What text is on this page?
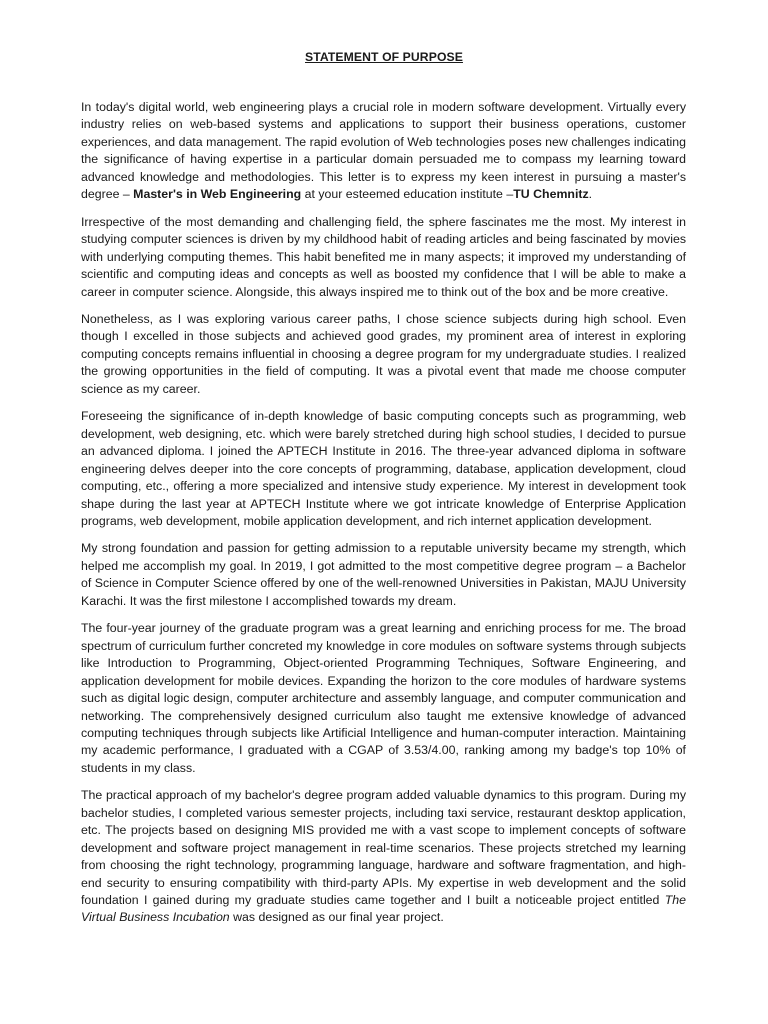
STATEMENT OF PURPOSE

In today's digital world, web engineering plays a crucial role in modern software development. Virtually every industry relies on web-based systems and applications to support their business operations, customer experiences, and data management. The rapid evolution of Web technologies poses new challenges indicating the significance of having expertise in a particular domain persuaded me to compass my learning toward advanced knowledge and methodologies. This letter is to express my keen interest in pursuing a master's degree – Master's in Web Engineering at your esteemed education institute –TU Chemnitz.

Irrespective of the most demanding and challenging field, the sphere fascinates me the most. My interest in studying computer sciences is driven by my childhood habit of reading articles and being fascinated by movies with underlying computing themes. This habit benefited me in many aspects; it improved my understanding of scientific and computing ideas and concepts as well as boosted my confidence that I will be able to make a career in computer science. Alongside, this always inspired me to think out of the box and be more creative.

Nonetheless, as I was exploring various career paths, I chose science subjects during high school. Even though I excelled in those subjects and achieved good grades, my prominent area of interest in exploring computing concepts remains influential in choosing a degree program for my undergraduate studies. I realized the growing opportunities in the field of computing. It was a pivotal event that made me choose computer science as my career.

Foreseeing the significance of in-depth knowledge of basic computing concepts such as programming, web development, web designing, etc. which were barely stretched during high school studies, I decided to pursue an advanced diploma. I joined the APTECH Institute in 2016. The three-year advanced diploma in software engineering delves deeper into the core concepts of programming, database, application development, cloud computing, etc., offering a more specialized and intensive study experience. My interest in development took shape during the last year at APTECH Institute where we got intricate knowledge of Enterprise Application programs, web development, mobile application development, and rich internet application development.

My strong foundation and passion for getting admission to a reputable university became my strength, which helped me accomplish my goal. In 2019, I got admitted to the most competitive degree program – a Bachelor of Science in Computer Science offered by one of the well-renowned Universities in Pakistan, MAJU University Karachi. It was the first milestone I accomplished towards my dream.

The four-year journey of the graduate program was a great learning and enriching process for me. The broad spectrum of curriculum further concreted my knowledge in core modules on software systems through subjects like Introduction to Programming, Object-oriented Programming Techniques, Software Engineering, and application development for mobile devices. Expanding the horizon to the core modules of hardware systems such as digital logic design, computer architecture and assembly language, and computer communication and networking. The comprehensively designed curriculum also taught me extensive knowledge of advanced computing techniques through subjects like Artificial Intelligence and human-computer interaction. Maintaining my academic performance, I graduated with a CGAP of 3.53/4.00, ranking among my badge's top 10% of students in my class.

The practical approach of my bachelor's degree program added valuable dynamics to this program. During my bachelor studies, I completed various semester projects, including taxi service, restaurant desktop application, etc. The projects based on designing MIS provided me with a vast scope to implement concepts of software development and software project management in real-time scenarios. These projects stretched my learning from choosing the right technology, programming language, hardware and software fragmentation, and high-end security to ensuring compatibility with third-party APIs. My expertise in web development and the solid foundation I gained during my graduate studies came together and I built a noticeable project entitled The Virtual Business Incubation was designed as our final year project.
